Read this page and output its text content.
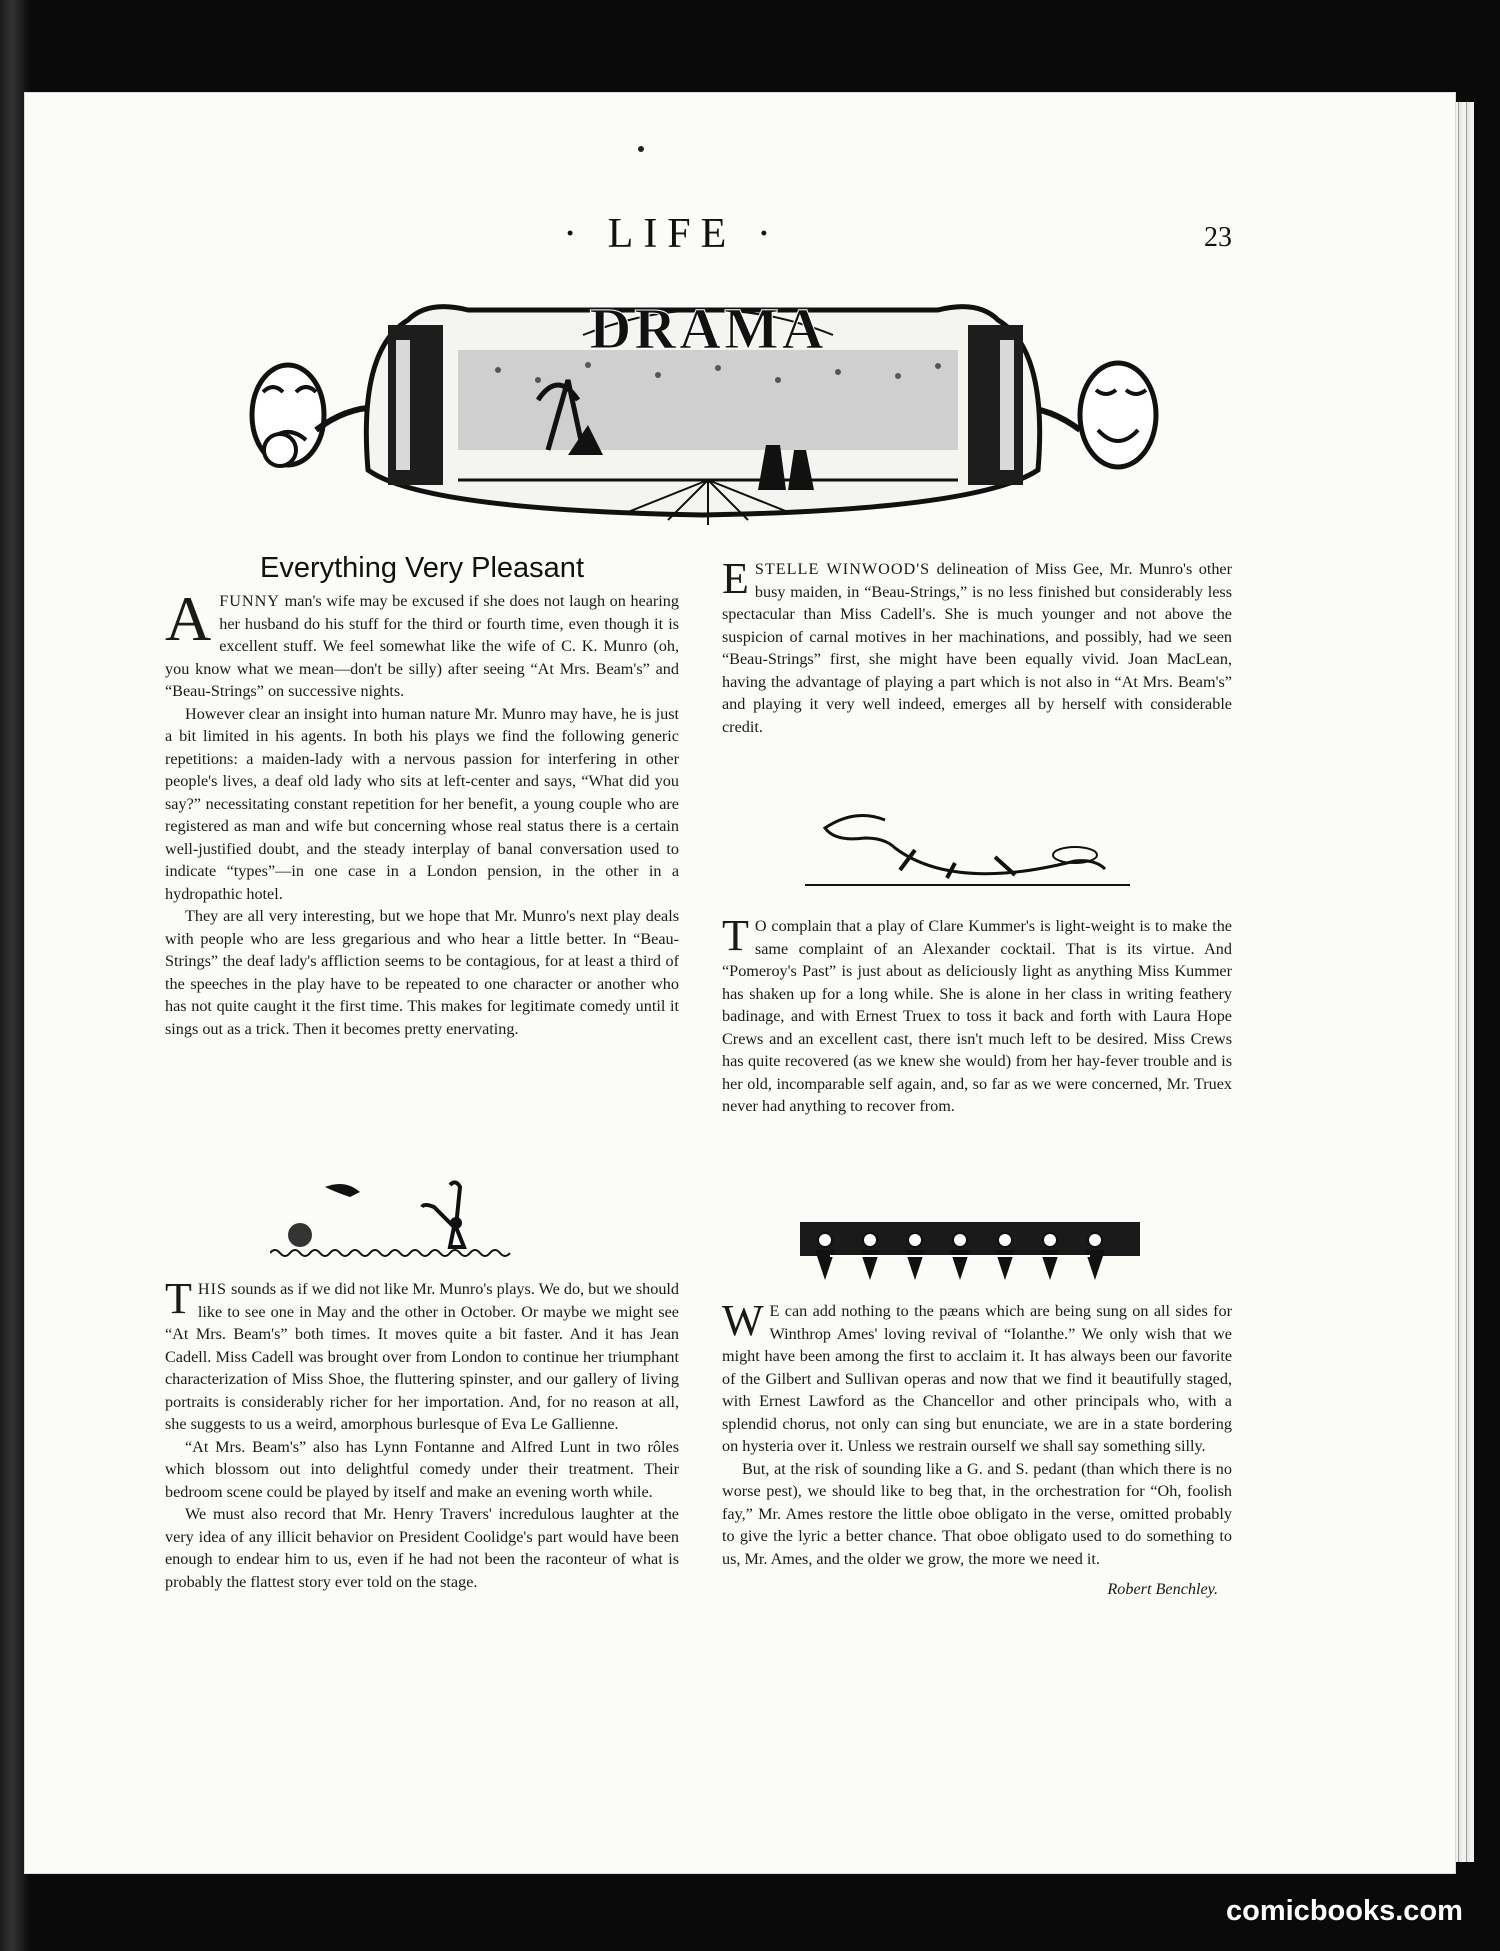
· LIFE ·	23
DRAMA
Everything Very Pleasant

AFUNNY man's wife may be excused if she does not laugh on hearing her husband do his stuff for the third or fourth time, even though it is excellent stuff. We feel somewhat like the wife of C. K. Munro (oh, you know what we mean—don't be silly) after seeing “At Mrs. Beam's” and “Beau-Strings” on successive nights.

However clear an insight into human nature Mr. Munro may have, he is just a bit limited in his agents. In both his plays we find the following generic repetitions: a maiden-lady with a nervous passion for interfering in other people's lives, a deaf old lady who sits at left-center and says, “What did you say?” necessitating constant repetition for her benefit, a young couple who are registered as man and wife but concerning whose real status there is a certain well-justified doubt, and the steady interplay of banal conversation used to indicate “types”—in one case in a London pension, in the other in a hydropathic hotel.

They are all very interesting, but we hope that Mr. Munro's next play deals with people who are less gregarious and who hear a little better. In “Beau-Strings” the deaf lady's affliction seems to be contagious, for at least a third of the speeches in the play have to be repeated to one character or another who has not quite caught it the first time. This makes for legitimate comedy until it sings out as a trick. Then it becomes pretty enervating.

THIS sounds as if we did not like Mr. Munro's plays. We do, but we should like to see one in May and the other in October. Or maybe we might see “At Mrs. Beam's” both times. It moves quite a bit faster. And it has Jean Cadell. Miss Cadell was brought over from London to continue her triumphant characterization of Miss Shoe, the fluttering spinster, and our gallery of living portraits is considerably richer for her importation. And, for no reason at all, she suggests to us a weird, amorphous burlesque of Eva Le Gallienne.

“At Mrs. Beam's” also has Lynn Fontanne and Alfred Lunt in two rôles which blossom out into delightful comedy under their treatment. Their bedroom scene could be played by itself and make an evening worth while.

We must also record that Mr. Henry Travers' incredulous laughter at the very idea of any illicit behavior on President Coolidge's part would have been enough to endear him to us, even if he had not been the raconteur of what is probably the flattest story ever told on the stage.

ESTELLE WINWOOD'S delineation of Miss Gee, Mr. Munro's other busy maiden, in “Beau-Strings,” is no less finished but considerably less spectacular than Miss Cadell's. She is much younger and not above the suspicion of carnal motives in her machinations, and possibly, had we seen “Beau-Strings” first, she might have been equally vivid. Joan MacLean, having the advantage of playing a part which is not also in “At Mrs. Beam's” and playing it very well indeed, emerges all by herself with considerable credit.

T O complain that a play of Clare Kummer's is light-weight is to make the same complaint of an Alexander cocktail. That is its virtue. And “Pomeroy's Past” is just about as deliciously light as anything Miss Kummer has shaken up for a long while. She is alone in her class in writing feathery badinage, and with Ernest Truex to toss it back and forth with Laura Hope Crews and an excellent cast, there isn't much left to be desired. Miss Crews has quite recovered (as we knew she would) from her hay-fever trouble and is her old, incomparable self again, and, so far as we were concerned, Mr. Truex never had anything to recover from.

W E can add nothing to the pæans which are being sung on all sides for Winthrop Ames' loving revival of “Iolanthe.” We only wish that we might have been among the first to acclaim it. It has always been our favorite of the Gilbert and Sullivan operas and now that we find it beautifully staged, with Ernest Lawford as the Chancellor and other principals who, with a splendid chorus, not only can sing but enunciate, we are in a state bordering on hysteria over it. Unless we restrain ourself we shall say something silly.

But, at the risk of sounding like a G. and S. pedant (than which there is no worse pest), we should like to beg that, in the orchestration for “Oh, foolish fay,” Mr. Ames restore the little oboe obligato in the verse, omitted probably to give the lyric a better chance. That oboe obligato used to do something to us, Mr. Ames, and the older we grow, the more we need it.

Robert Benchley.
comicbooks.com
